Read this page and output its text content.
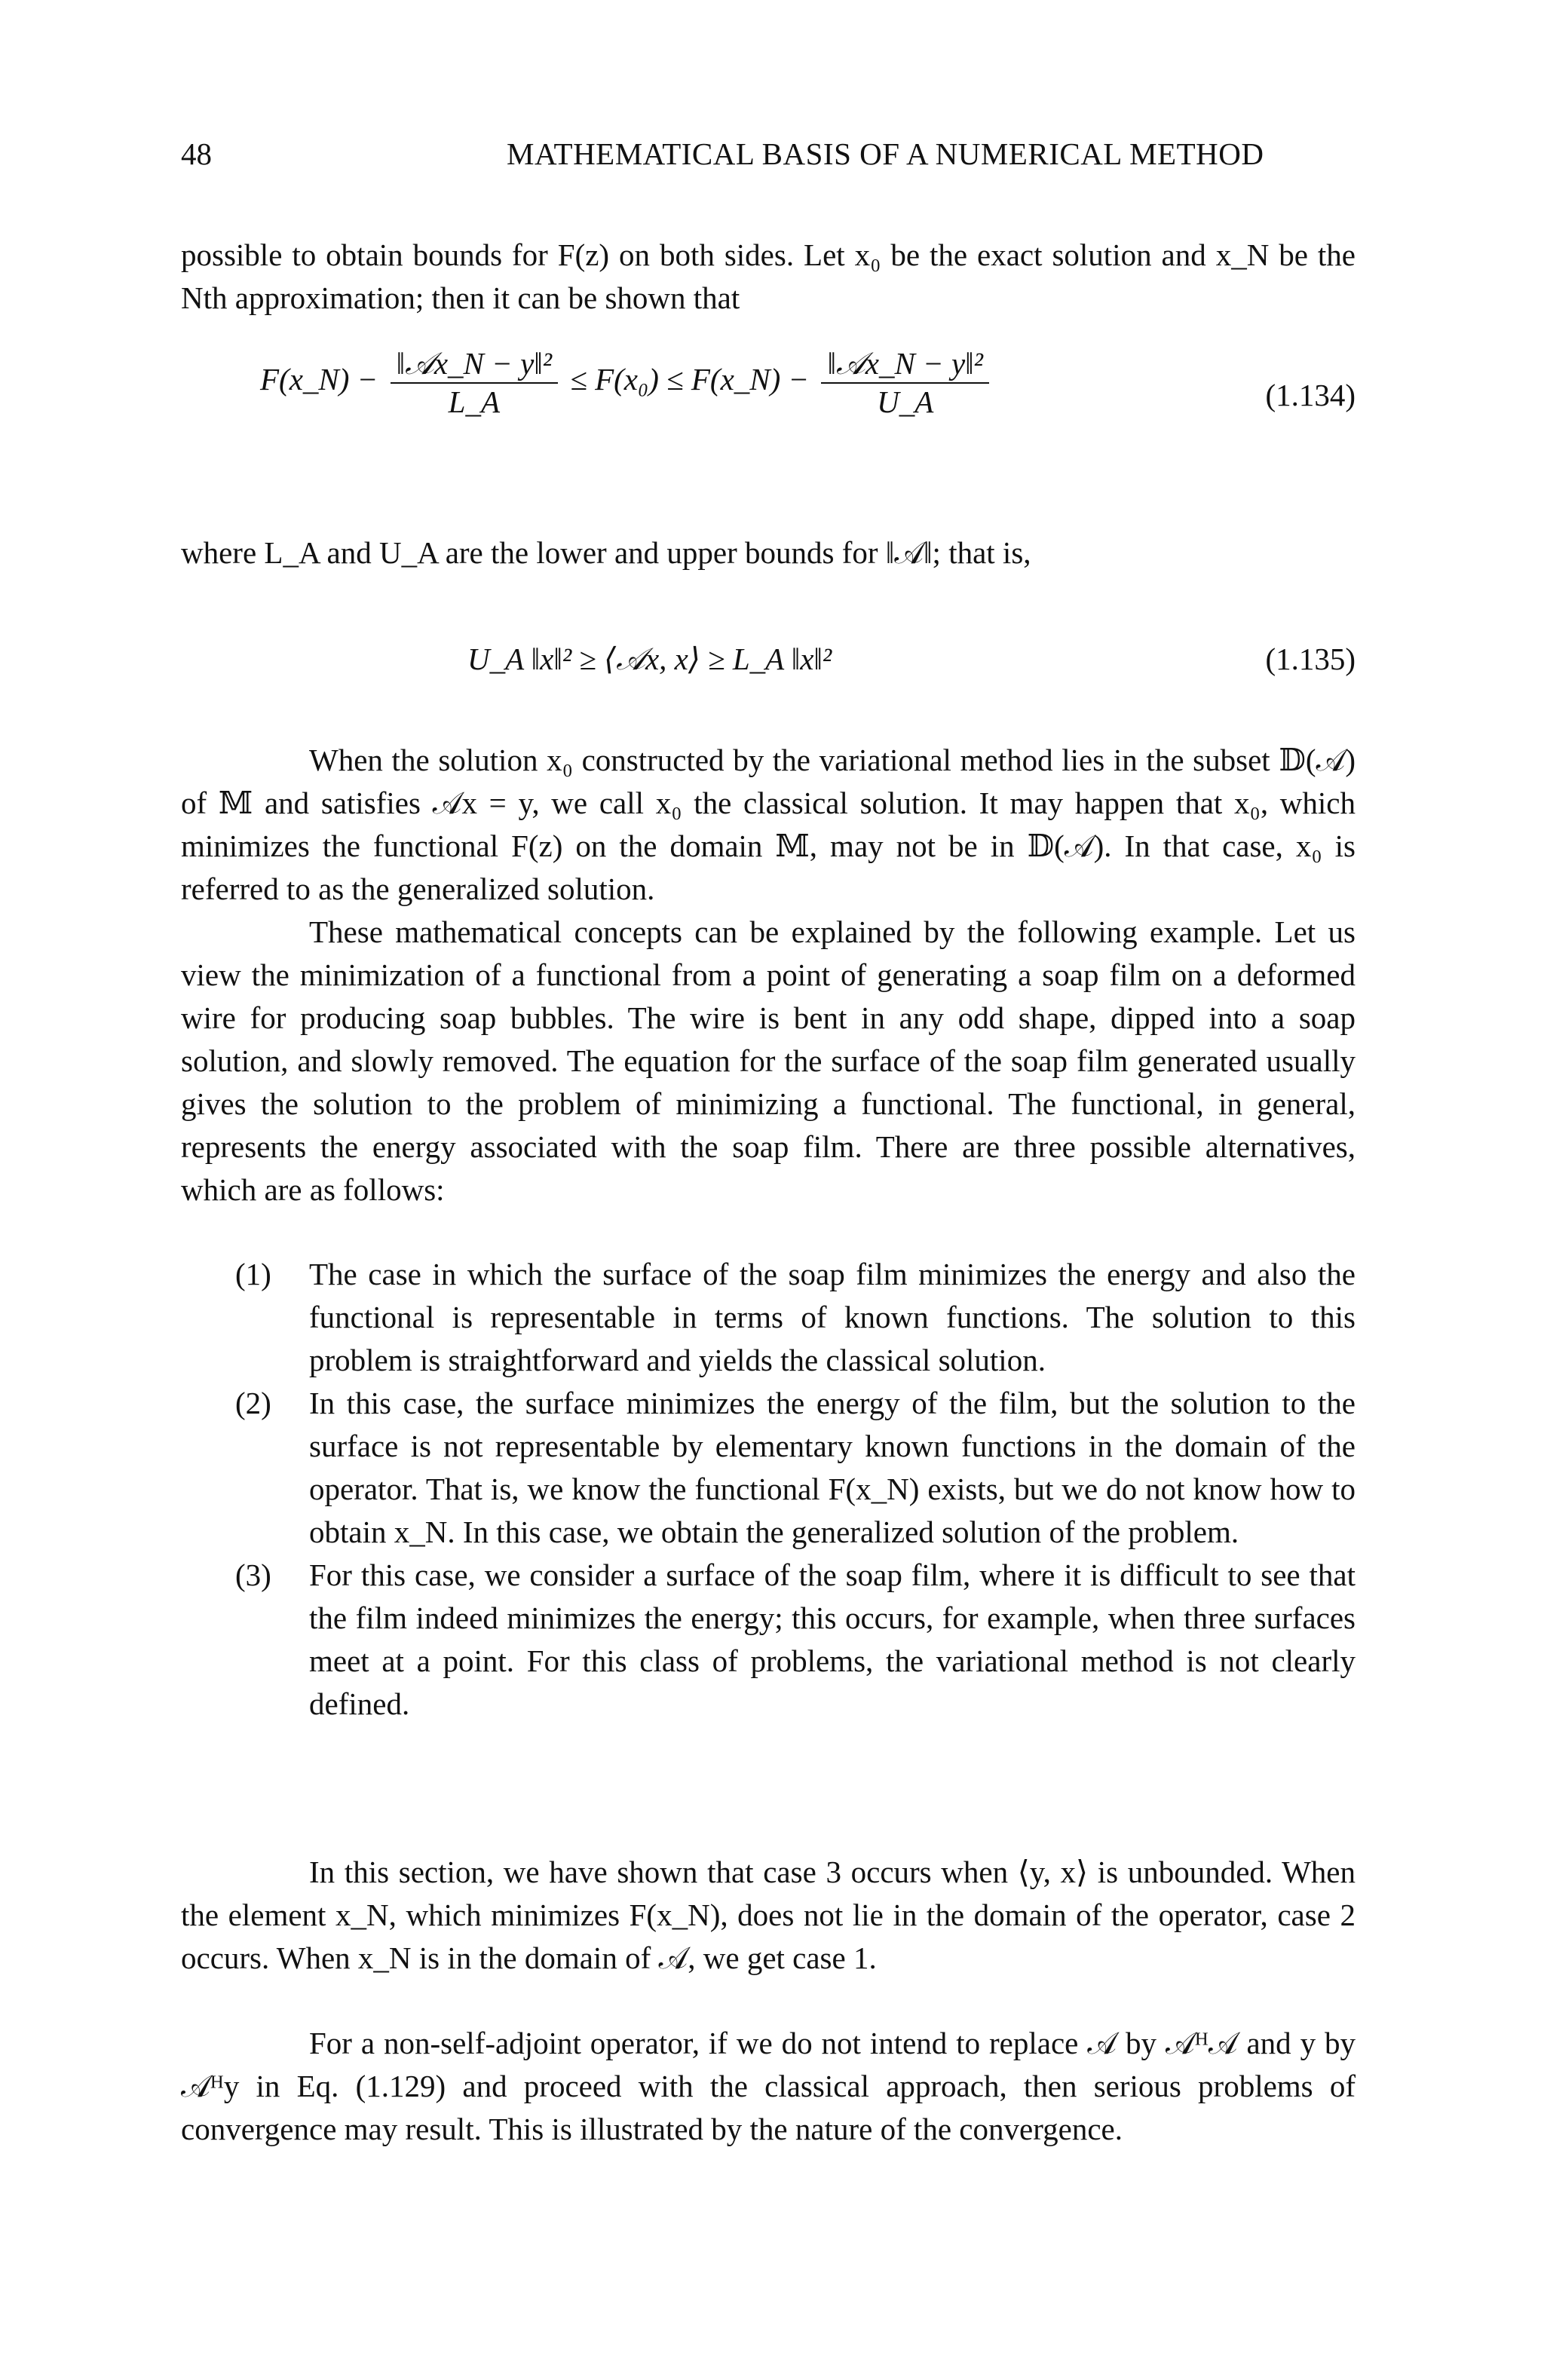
48	MATHEMATICAL BASIS OF A NUMERICAL METHOD
possible to obtain bounds for F(z) on both sides. Let x₀ be the exact solution and x_N be the Nth approximation; then it can be shown that
F(x_N) − $\frac{\text{‖𝒜x\_N − y‖²}}{L\_A} \le F(x_0)$ ≤ F(x_N) − $\frac{\text{‖𝒜x\_N − y‖²}}{U\_A}$	(1.134)
where L_A and U_A are the lower and upper bounds for ‖𝒜‖; that is,
U_A ‖x‖² ≥ ⟨𝒜x, x⟩ ≥ L_A ‖x‖²	(1.135)
When the solution x₀ constructed by the variational method lies in the subset 𝔻(𝒜) of 𝕄 and satisfies 𝒜x = y, we call x₀ the classical solution. It may happen that x₀, which minimizes the functional F(z) on the domain 𝕄, may not be in 𝔻(𝒜). In that case, x₀ is referred to as the generalized solution.
These mathematical concepts can be explained by the following example. Let us view the minimization of a functional from a point of generating a soap film on a deformed wire for producing soap bubbles. The wire is bent in any odd shape, dipped into a soap solution, and slowly removed. The equation for the surface of the soap film generated usually gives the solution to the problem of minimizing a functional. The functional, in general, represents the energy associated with the soap film. There are three possible alternatives, which are as follows:
(1) The case in which the surface of the soap film minimizes the energy and also the functional is representable in terms of known functions. The solution to this problem is straightforward and yields the classical solution.
(2) In this case, the surface minimizes the energy of the film, but the solution to the surface is not representable by elementary known functions in the domain of the operator. That is, we know the functional F(x_N) exists, but we do not know how to obtain x_N. In this case, we obtain the generalized solution of the problem.
(3) For this case, we consider a surface of the soap film, where it is difficult to see that the film indeed minimizes the energy; this occurs, for example, when three surfaces meet at a point. For this class of problems, the variational method is not clearly defined.
In this section, we have shown that case 3 occurs when ⟨y, x⟩ is unbounded. When the element x_N, which minimizes F(x_N), does not lie in the domain of the operator, case 2 occurs. When x_N is in the domain of 𝒜, we get case 1.
For a non-self-adjoint operator, if we do not intend to replace 𝒜 by 𝒜ᴴ𝒜 and y by 𝒜ᴴy in Eq. (1.129) and proceed with the classical approach, then serious problems of convergence may result. This is illustrated by the nature of the convergence.
